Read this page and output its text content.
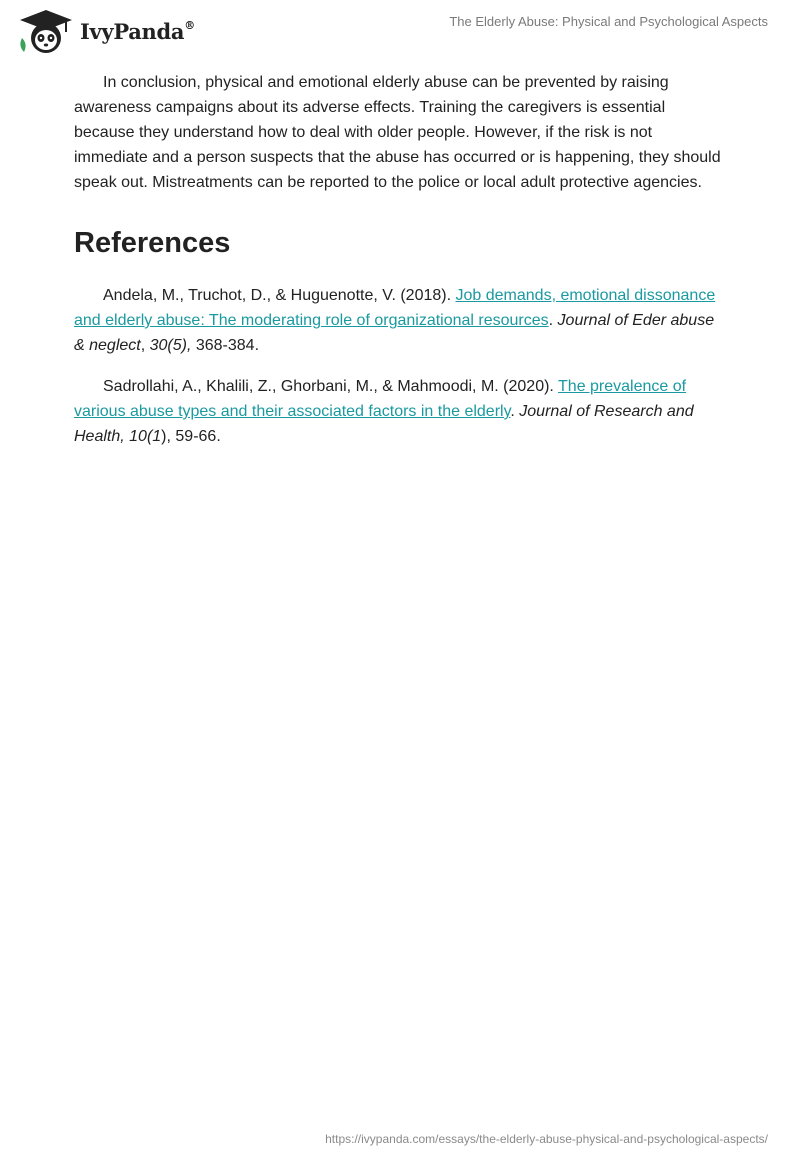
IvyPanda®	The Elderly Abuse: Physical and Psychological Aspects

In conclusion, physical and emotional elderly abuse can be prevented by raising awareness campaigns about its adverse effects. Training the caregivers is essential because they understand how to deal with older people. However, if the risk is not immediate and a person suspects that the abuse has occurred or is happening, they should speak out. Mistreatments can be reported to the police or local adult protective agencies.

References

Andela, M., Truchot, D., & Huguenotte, V. (2018). Job demands, emotional dissonance and elderly abuse: The moderating role of organizational resources. Journal of Eder abuse & neglect, 30(5), 368-384.

Sadrollahi, A., Khalili, Z., Ghorbani, M., & Mahmoodi, M. (2020). The prevalence of various abuse types and their associated factors in the elderly. Journal of Research and Health, 10(1), 59-66.

https://ivypanda.com/essays/the-elderly-abuse-physical-and-psychological-aspects/
